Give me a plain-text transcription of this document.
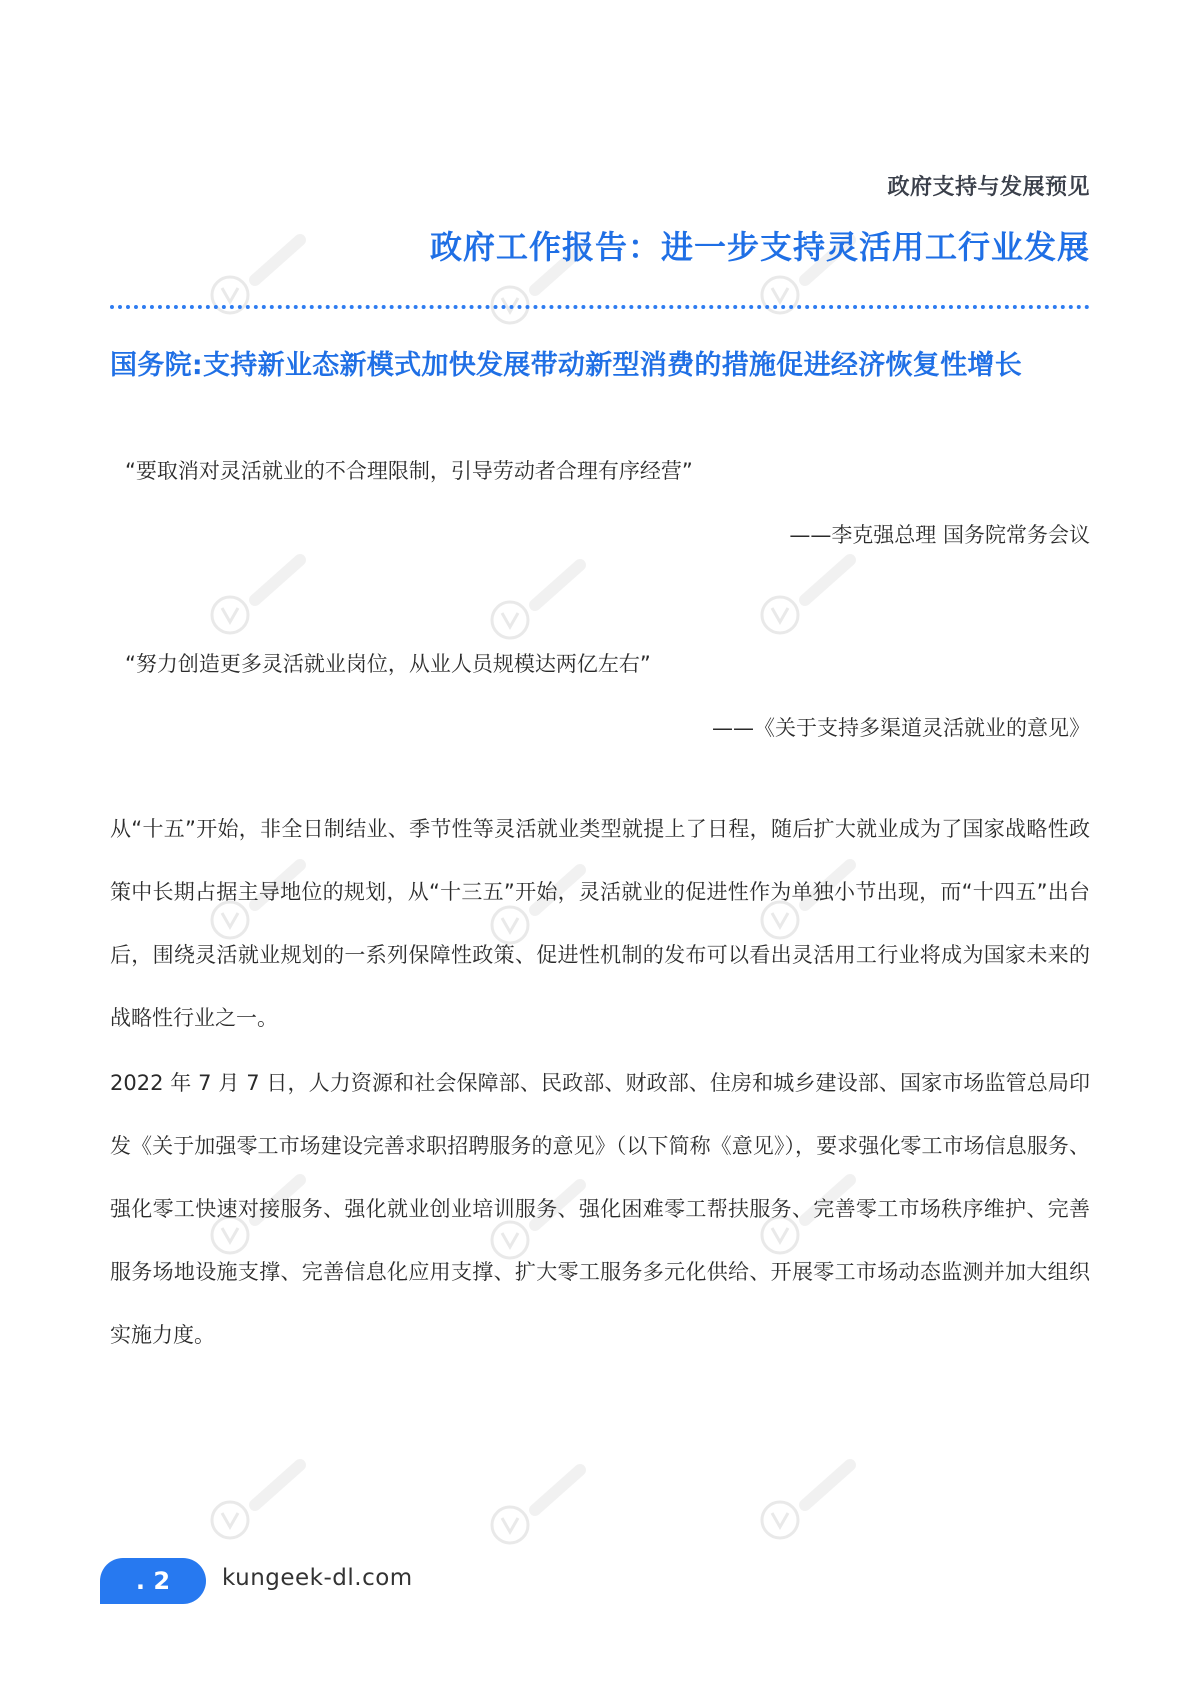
政府支持与发展预见
政府工作报告：进一步支持灵活用工行业发展
国务院:支持新业态新模式加快发展带动新型消费的措施促进经济恢复性增长
“要取消对灵活就业的不合理限制，引导劳动者合理有序经营”
——李克强总理 国务院常务会议
“努力创造更多灵活就业岗位，从业人员规模达两亿左右”
——《关于支持多渠道灵活就业的意见》

从“十五”开始，非全日制结业、季节性等灵活就业类型就提上了日程，随后扩大就业成为了国家战略性政策中长期占据主导地位的规划，从“十三五”开始，灵活就业的促进性作为单独小节出现，而“十四五”出台后，围绕灵活就业规划的一系列保障性政策、促进性机制的发布可以看出灵活用工行业将成为国家未来的战略性行业之一。

2022 年 7 月 7 日，人力资源和社会保障部、民政部、财政部、住房和城乡建设部、国家市场监管总局印发《关于加强零工市场建设完善求职招聘服务的意见》（以下简称《意见》），要求强化零工市场信息服务、强化零工快速对接服务、强化就业创业培训服务、强化困难零工帮扶服务、完善零工市场秩序维护、完善服务场地设施支撑、完善信息化应用支撑、扩大零工服务多元化供给、开展零工市场动态监测并加大组织实施力度。

. 2	kungeek-dl.com
